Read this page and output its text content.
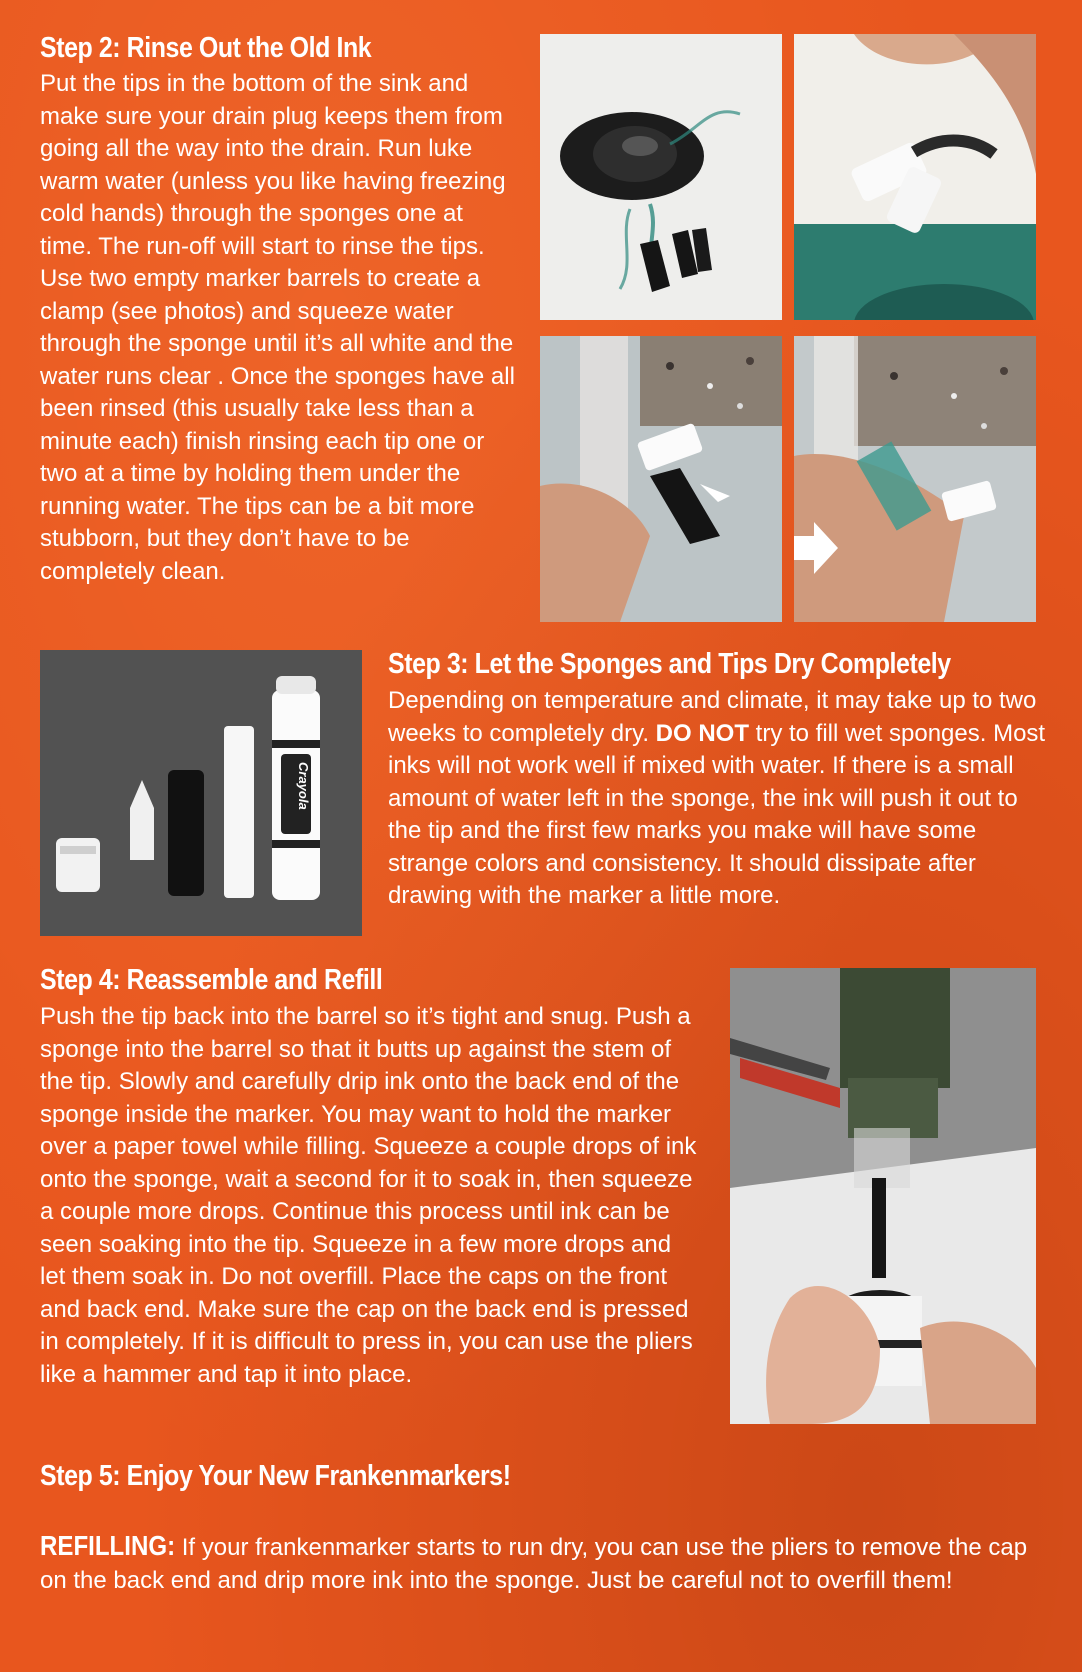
Step 2: Rinse Out the Old Ink
Put the tips in the bottom of the sink and make sure your drain plug keeps them from going all the way into the drain. Run luke warm water (unless you like having freezing cold hands) through the sponges one at time. The run-off will start to rinse the tips. Use two empty marker barrels to create a clamp (see photos) and squeeze water through the sponge until it’s all white and the water runs clear . Once the sponges have all been rinsed (this usually take less than a minute each) finish rinsing each tip one or two at a time by holding them under the running water. The tips can be a bit more stubborn, but they don’t have to be completely clean.
Crayola
Step 3: Let the Sponges and Tips Dry Completely
Depending on temperature and climate, it may take up to two weeks to completely dry. DO NOT try to fill wet sponges. Most inks will not work well if mixed with water. If there is a small amount of water left in the sponge, the ink will push it out to the tip and the first few marks you make will have some strange colors and consistency. It should dissipate after drawing with the marker a little more.
Step 4: Reassemble and Refill
Push the tip back into the barrel so it’s tight and snug. Push a sponge into the barrel so that it butts up against the stem of the tip. Slowly and carefully drip ink onto the back end of the sponge inside the marker. You may want to hold the marker over a paper towel while filling. Squeeze a couple drops of ink onto the sponge, wait a second for it to soak in, then squeeze a couple more drops. Continue this process until ink can be seen soaking into the tip. Squeeze in a few more drops and let them soak in. Do not overfill. Place the caps on the front and back end. Make sure the cap on the back end is pressed in completely. If it is difficult to press in, you can use the pliers like a hammer and tap it into place.
Step 5: Enjoy Your New Frankenmarkers!
REFILLING: If your frankenmarker starts to run dry, you can use the pliers to remove the cap on the back end and drip more ink into the sponge. Just be careful not to overfill them!
